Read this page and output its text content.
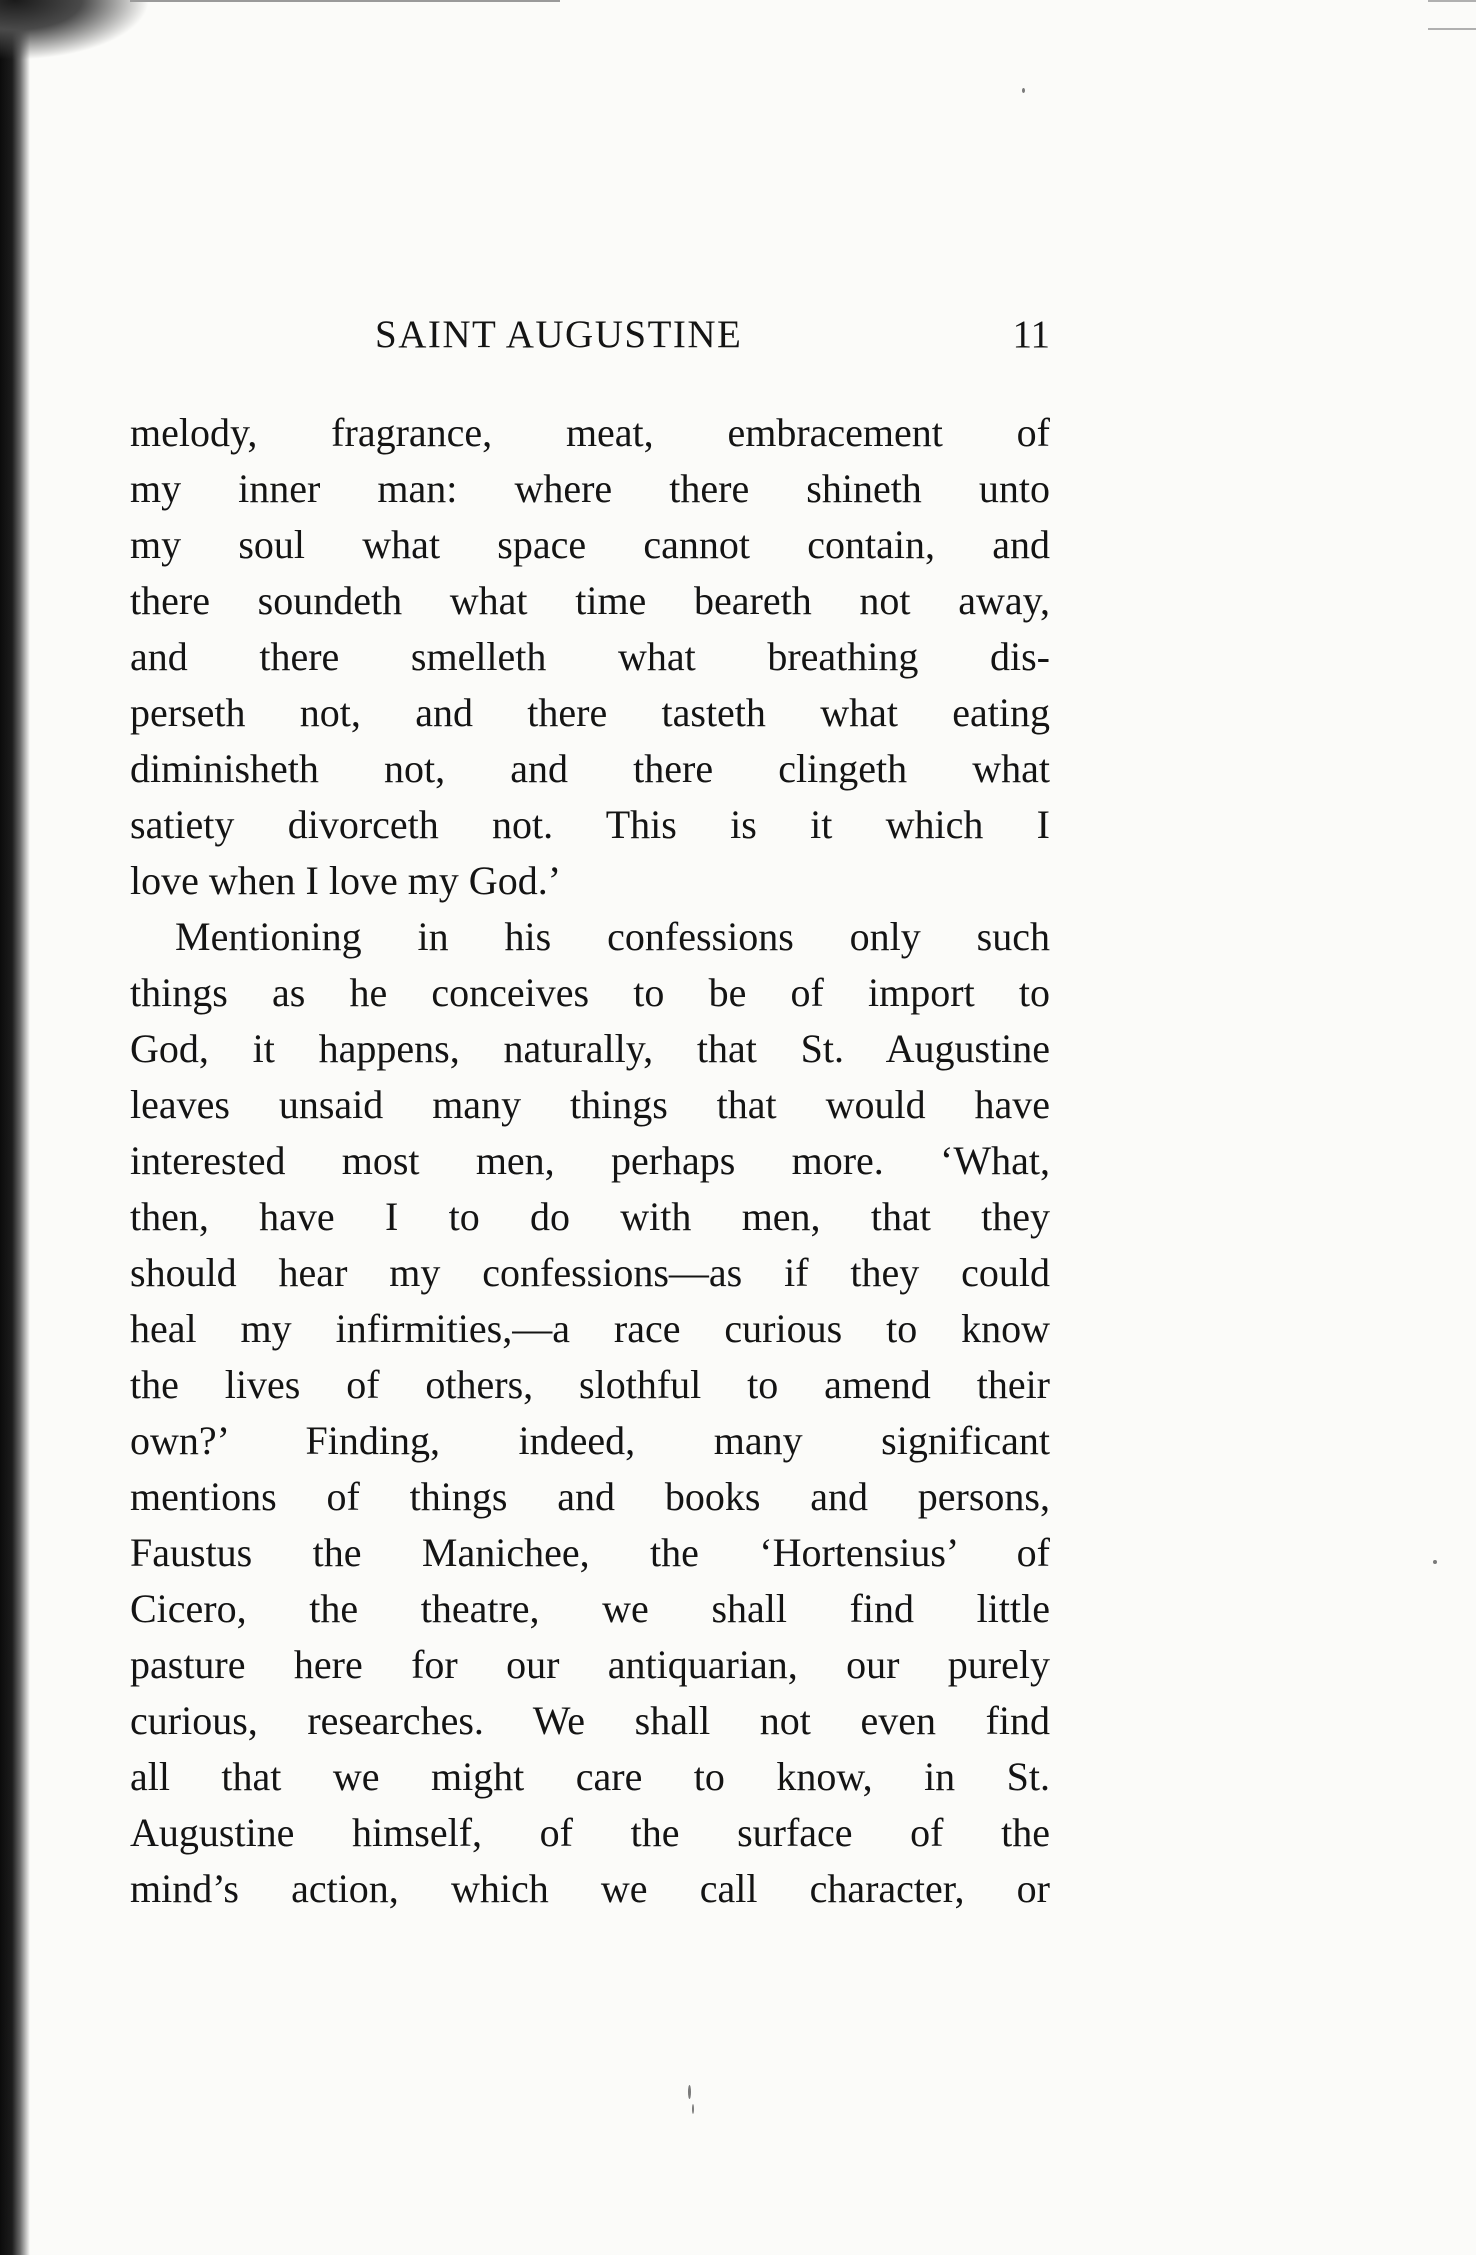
SAINT AUGUSTINE	11
melody, fragrance, meat, embracement of
my inner man: where there shineth unto
my soul what space cannot contain, and
there soundeth what time beareth not away,
and there smelleth what breathing dis-
perseth not, and there tasteth what eating
diminisheth not, and there clingeth what
satiety divorceth not. This is it which I
love when I love my God.’
Mentioning in his confessions only such
things as he conceives to be of import to
God, it happens, naturally, that St. Augustine
leaves unsaid many things that would have
interested most men, perhaps more. ‘What,
then, have I to do with men, that they
should hear my confessions—as if they could
heal my infirmities,—a race curious to know
the lives of others, slothful to amend their
own?’ Finding, indeed, many significant
mentions of things and books and persons,
Faustus the Manichee, the ‘Hortensius’ of
Cicero, the theatre, we shall find little
pasture here for our antiquarian, our purely
curious, researches. We shall not even find
all that we might care to know, in St.
Augustine himself, of the surface of the
mind’s action, which we call character, or
